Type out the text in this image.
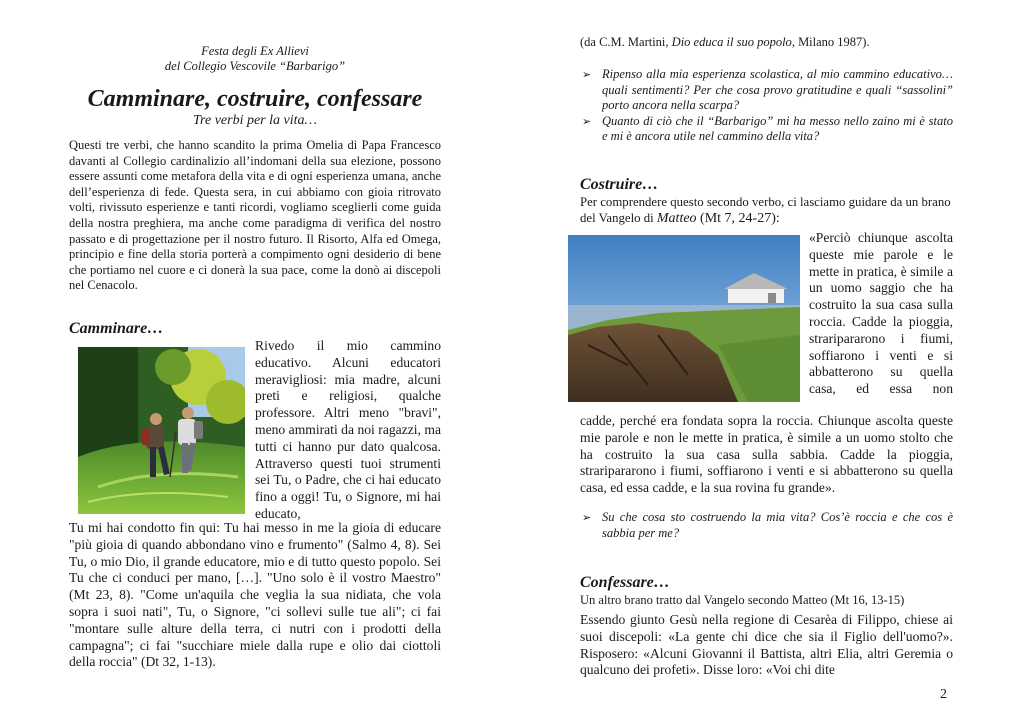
Festa degli Ex Allievi
del Collegio Vescovile “Barbarigo”
Camminare, costruire, confessare
Tre verbi per la vita…

Questi tre verbi, che hanno scandito la prima Omelia di Papa Francesco davanti al Collegio cardinalizio all’indomani della sua elezione, possono essere assunti come metafora della vita e di ogni esperienza umana, anche dell’esperienza di fede. Questa sera, in cui abbiamo con gioia ritrovato volti, rivissuto esperienze e tanti ricordi, vogliamo sceglierli come guida della nostra preghiera, ma anche come paradigma di verifica del nostro passato e di progettazione per il nostro futuro. Il Risorto, Alfa ed Omega, principio e fine della storia porterà a compimento ogni desiderio di bene che portiamo nel cuore e ci donerà la sua pace, come la donò ai discepoli nel Cenacolo.

Camminare…

Rivedo il mio cammino educativo. Alcuni educatori meravigliosi: mia madre, alcuni preti e religiosi, qualche professore. Altri meno "bravi", meno ammirati da noi ragazzi, ma tutti ci hanno pur dato qualcosa. Attraverso questi tuoi strumenti sei Tu, o Padre, che ci hai educato fino a oggi! Tu, o Signore, mi hai educato,

Tu mi hai condotto fin qui: Tu hai messo in me la gioia di educare "più gioia di quando abbondano vino e frumento" (Salmo 4, 8). Sei Tu, o mio Dio, il grande educatore, mio e di tutto questo popolo. Sei Tu che ci conduci per mano, […]. "Uno solo è il vostro Maestro" (Mt 23, 8). "Come un'aquila che veglia la sua nidiata, che vola sopra i suoi nati", Tu, o Signore, "ci sollevi sulle tue ali"; ci fai "montare sulle alture della terra, ci nutri con i prodotti della campagna"; ci fai "succhiare miele dalla rupe e olio dai ciottoli della roccia" (Dt 32, 1-13).

(da C.M. Martini, Dio educa il suo popolo, Milano 1987).

➢ Ripenso alla mia esperienza scolastica, al mio cammino educativo… quali sentimenti? Per che cosa provo gratitudine e quali “sassolini” porto ancora nella scarpa?
➢ Quanto di ciò che il “Barbarigo” mi ha messo nello zaino mi è stato e mi è ancora utile nel cammino della vita?
Costruire…

Per comprendere questo secondo verbo, ci lasciamo guidare da un brano del Vangelo di Matteo (Mt 7, 24-27):

«Perciò chiunque ascolta queste mie parole e le mette in pratica, è simile a un uomo saggio che ha costruito la sua casa sulla roccia. Cadde la pioggia, straripararono i fiumi, soffiarono i venti e si abbatterono su quella casa, ed essa non

cadde, perché era fondata sopra la roccia. Chiunque ascolta queste mie parole e non le mette in pratica, è simile a un uomo stolto che ha costruito la sua casa sulla sabbia. Cadde la pioggia, straripararono i fiumi, soffiarono i venti e si abbatterono su quella casa, ed essa cadde, e la sua rovina fu grande».

➢ Su che cosa sto costruendo la mia vita? Cos’è roccia e che cos è sabbia per me?
Confessare…

Un altro brano tratto dal Vangelo secondo Matteo (Mt 16, 13-15)

Essendo giunto Gesù nella regione di Cesarèa di Filippo, chiese ai suoi discepoli: «La gente chi dice che sia il Figlio dell'uomo?». Risposero: «Alcuni Giovanni il Battista, altri Elia, altri Geremia o qualcuno dei profeti». Disse loro: «Voi chi dite

2
